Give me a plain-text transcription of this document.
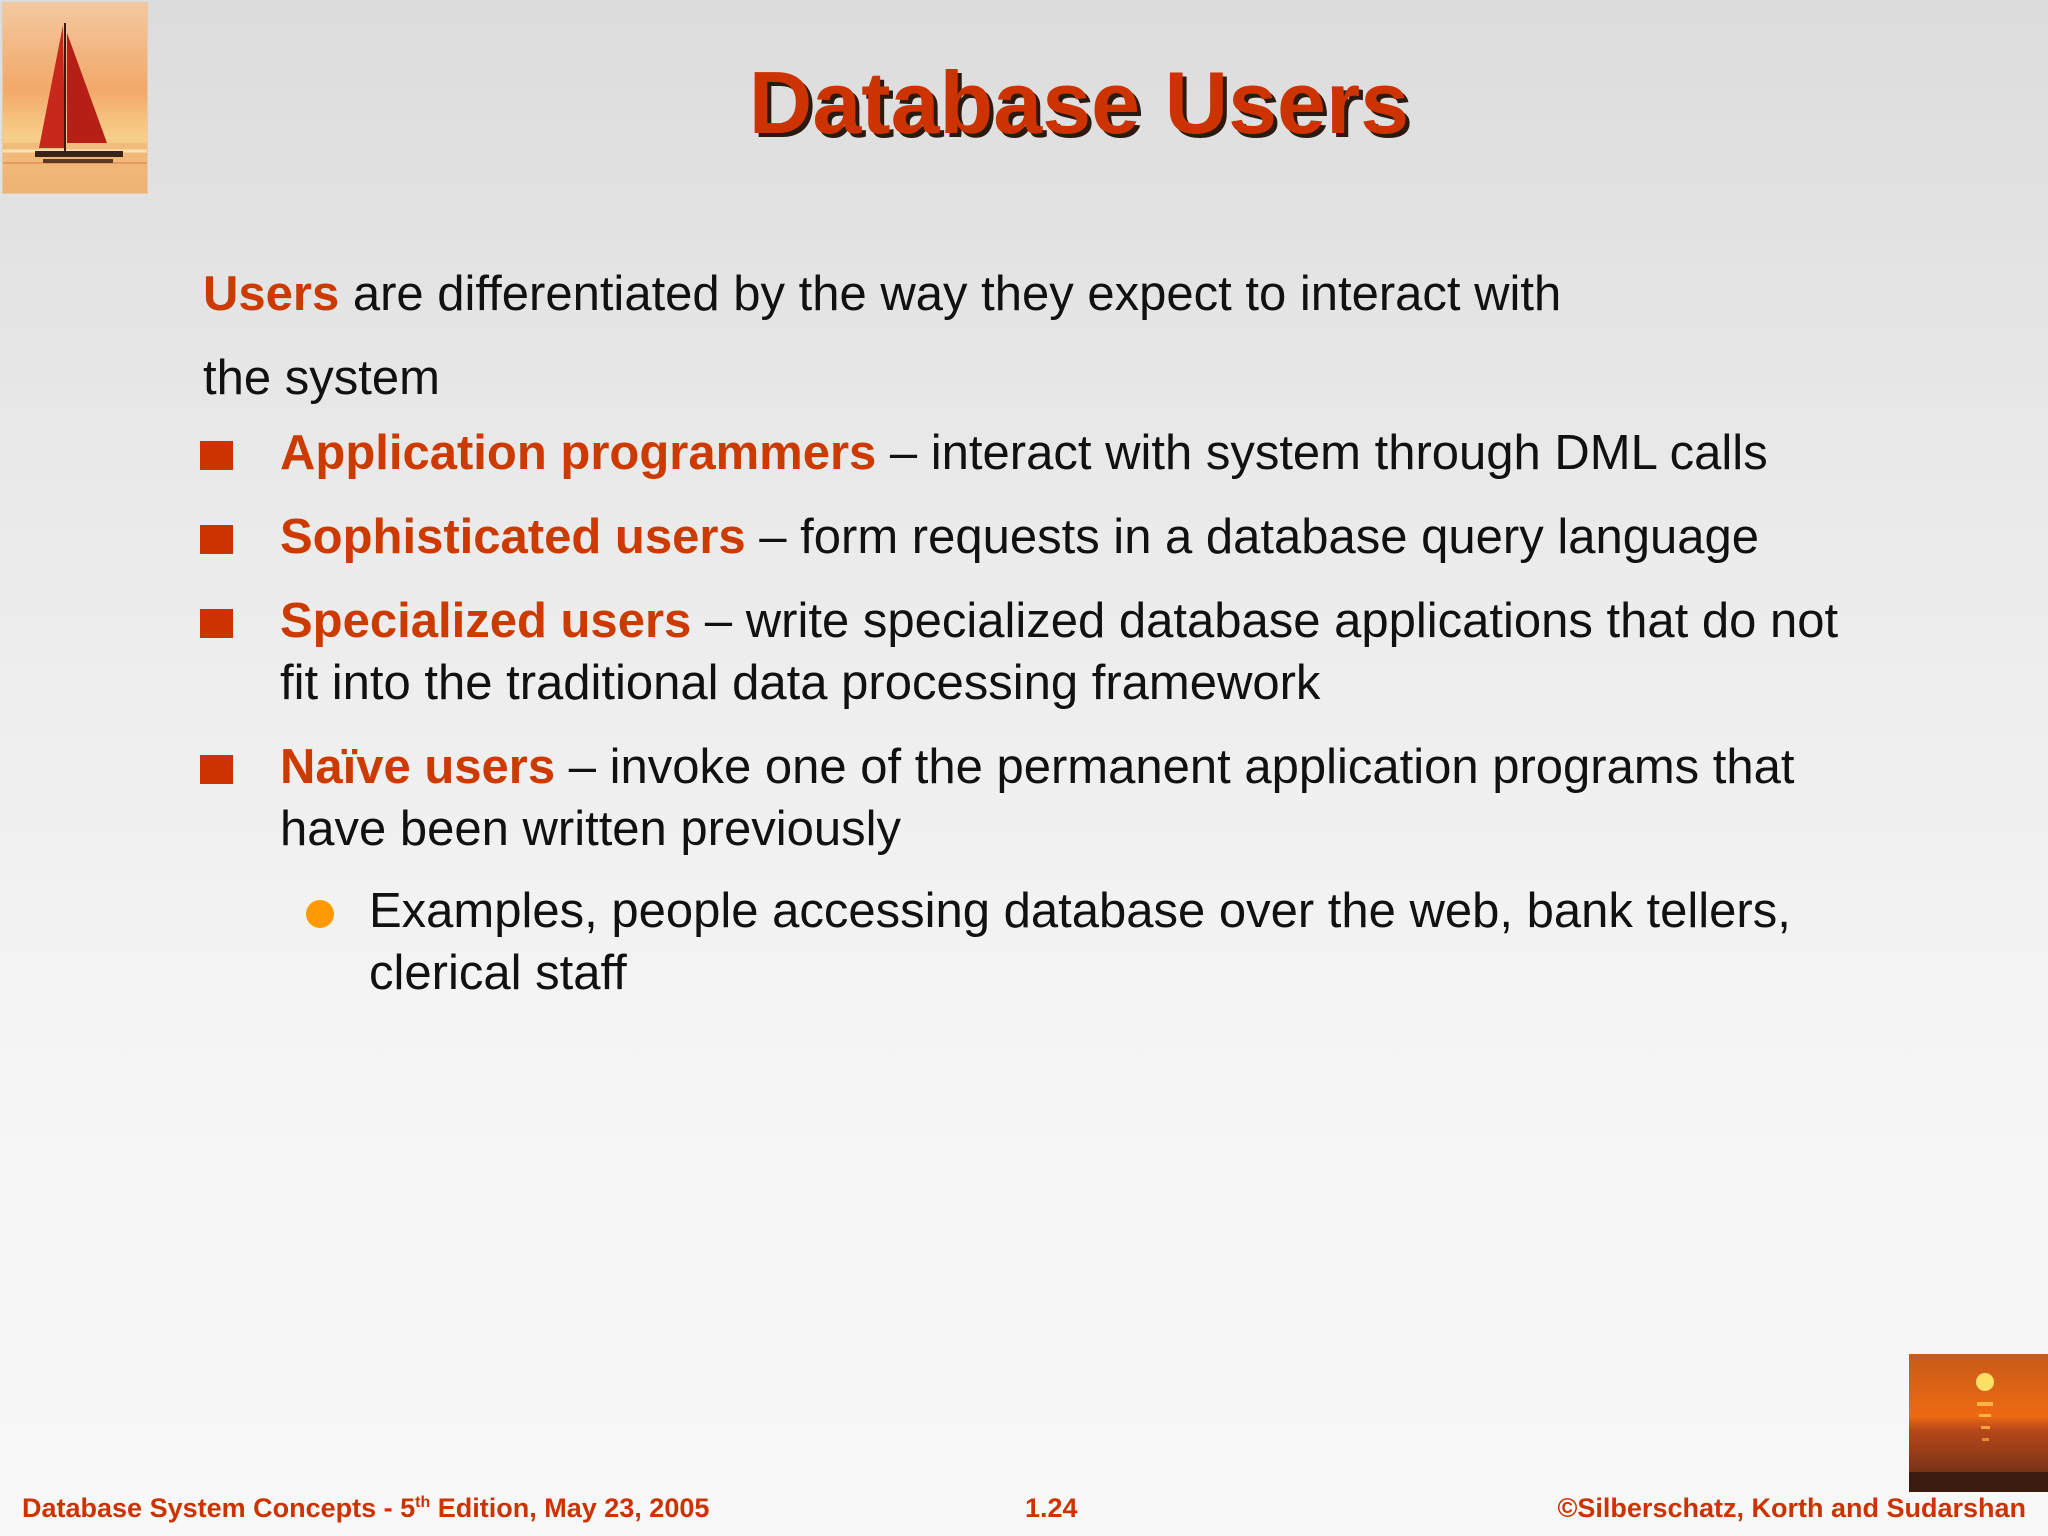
Database Users
Users are differentiated by the way they expect to interact with
the system
Application programmers – interact with system through DML calls
Sophisticated users – form requests in a database query language
Specialized users – write specialized database applications that do not fit into the traditional data processing framework
Naïve users – invoke one of the permanent application programs that have been written previously
Examples, people accessing database over the web, bank tellers, clerical staff
Database System Concepts - 5th Edition, May 23, 2005	1.24	©Silberschatz, Korth and Sudarshan
